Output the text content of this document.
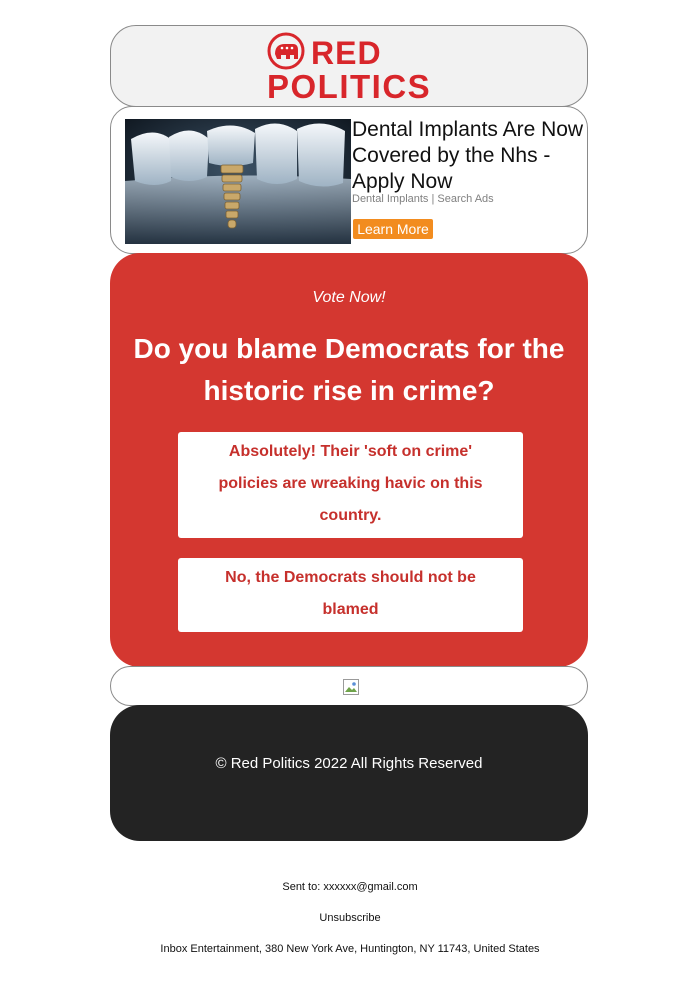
RED
POLITICS
Dental Implants Are Now Covered by the Nhs - Apply Now
Dental Implants | Search Ads
Learn More
Vote Now!
Do you blame Democrats for the historic rise in crime?
Absolutely! Their 'soft on crime' policies are wreaking havic on this country.
No, the Democrats should not be blamed
© Red Politics 2022 All Rights Reserved
Sent to: xxxxxx@gmail.com
Unsubscribe
Inbox Entertainment, 380 New York Ave, Huntington, NY 11743, United States
